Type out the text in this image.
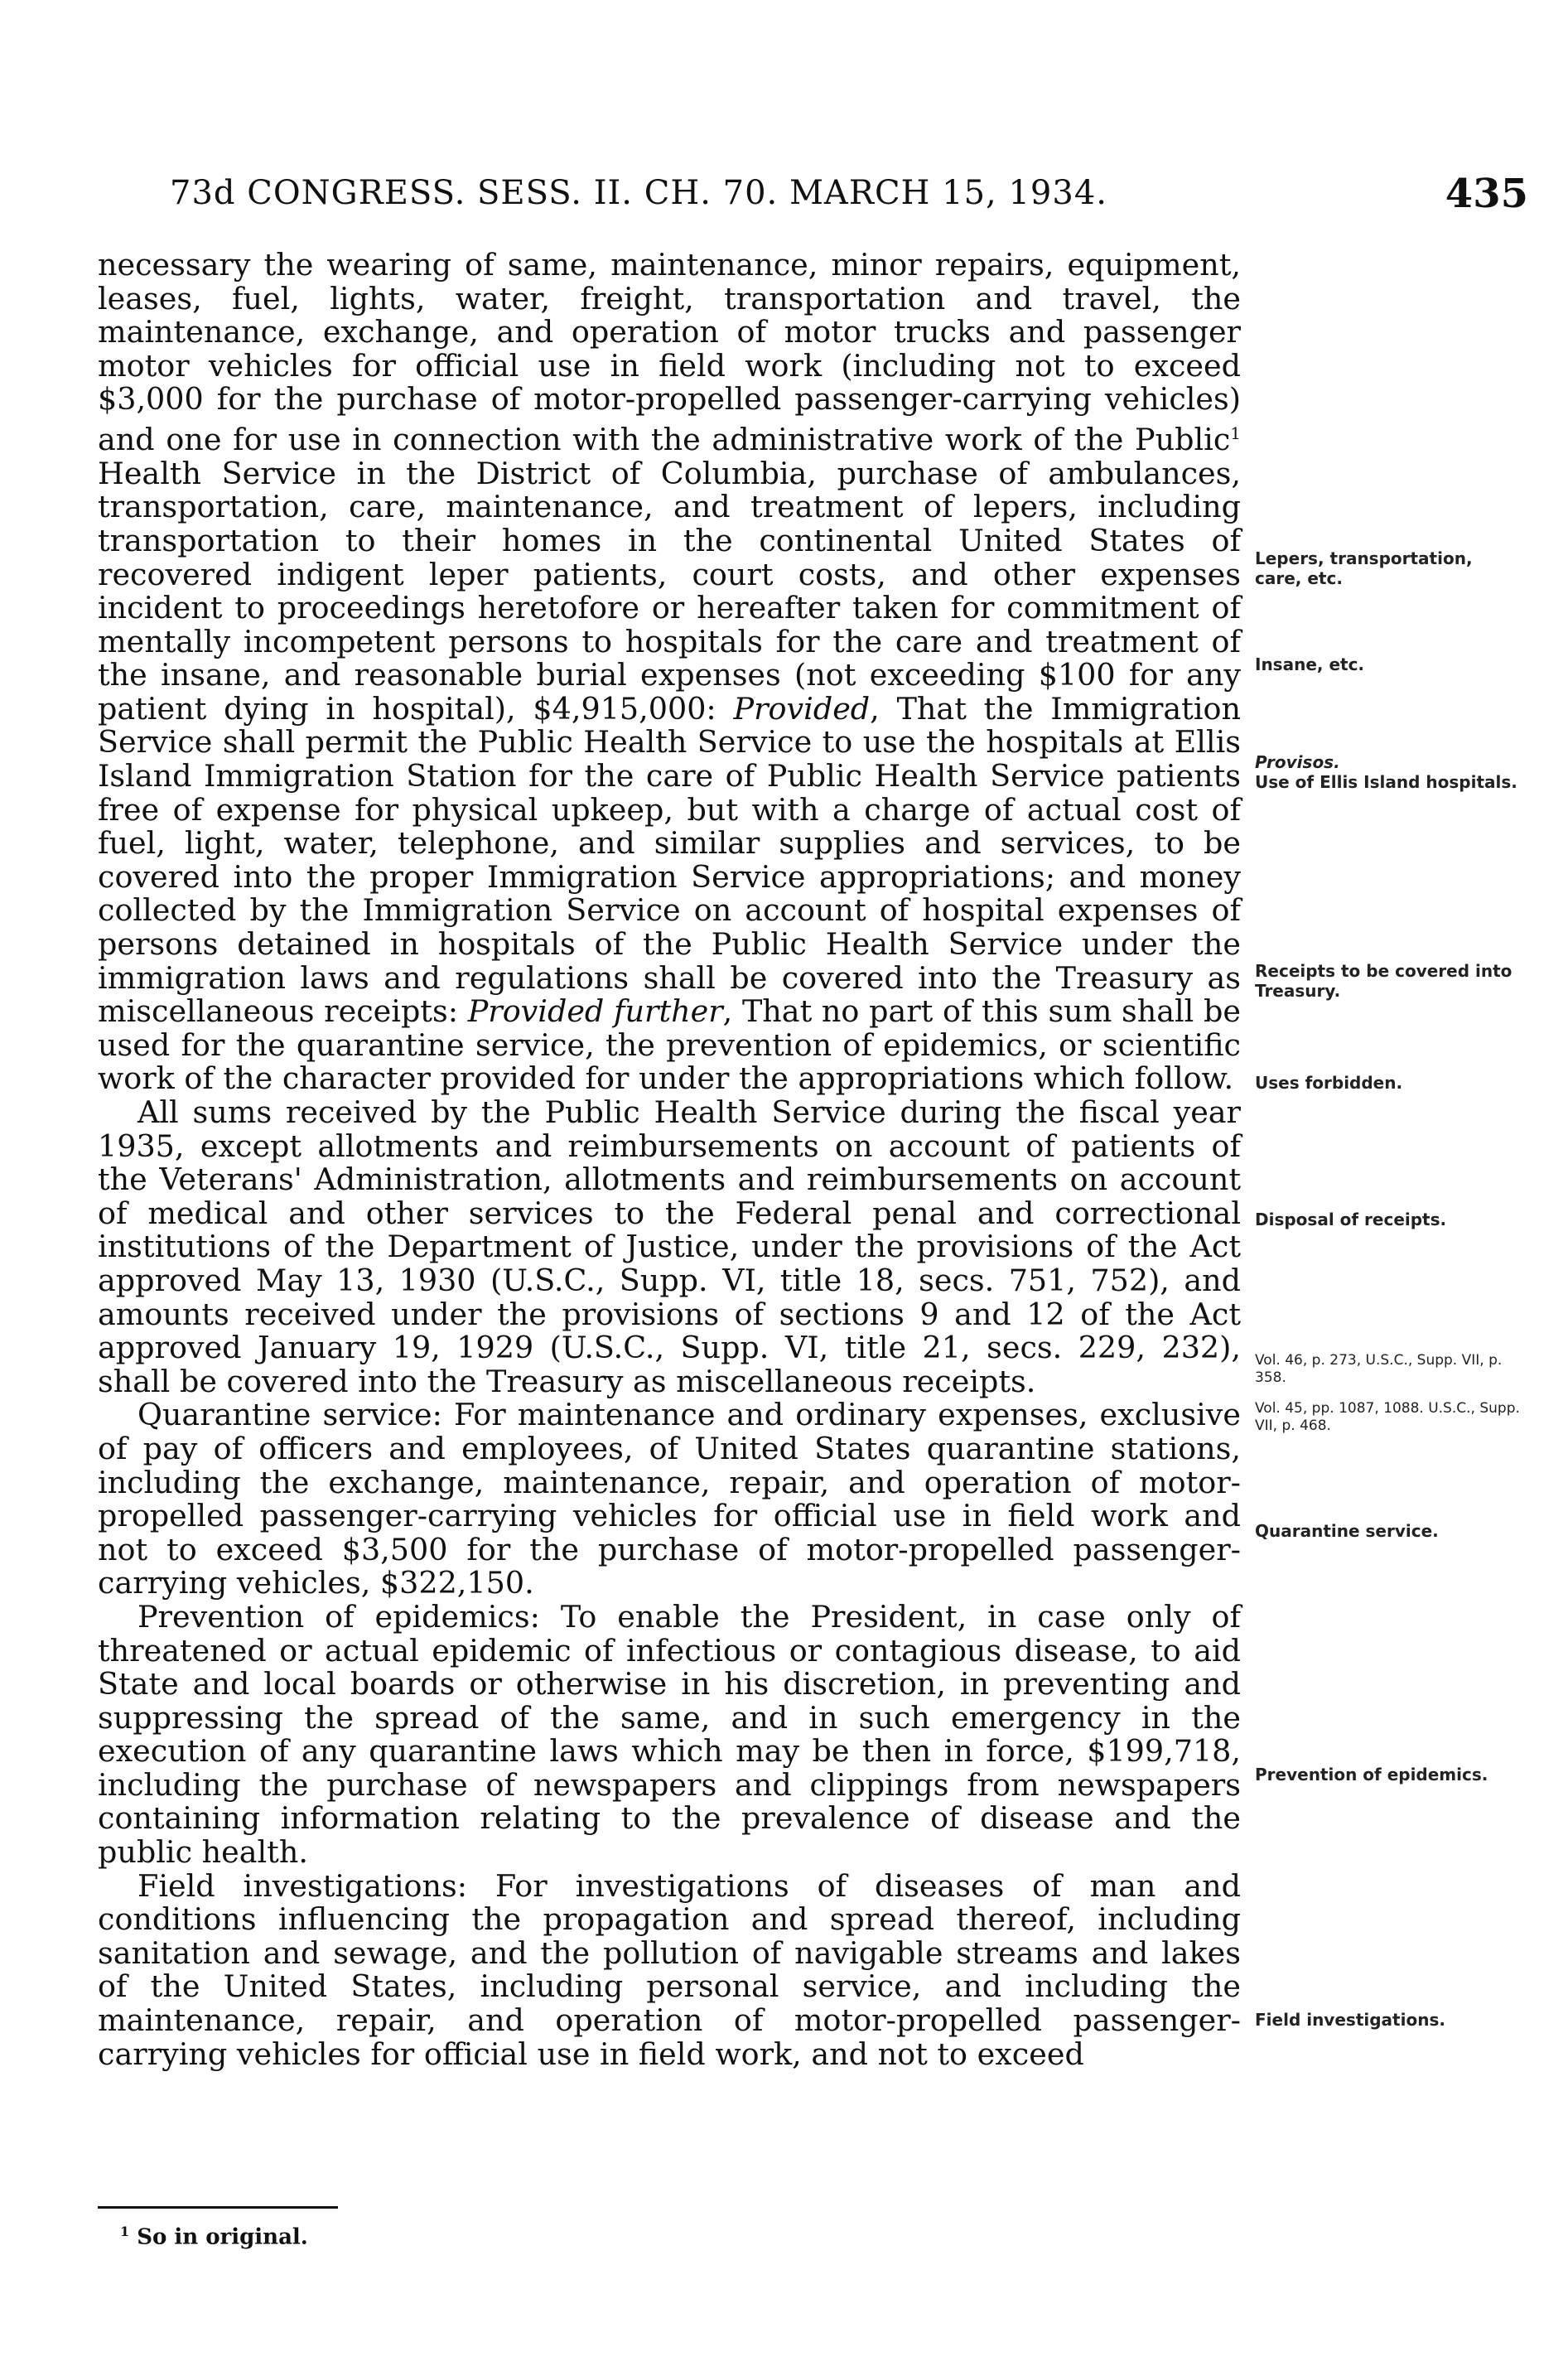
73d CONGRESS. SESS. II. CH. 70. MARCH 15, 1934.	435

necessary the wearing of same, maintenance, minor repairs, equipment, leases, fuel, lights, water, freight, transportation and travel, the maintenance, exchange, and operation of motor trucks and passenger motor vehicles for official use in field work (including not to exceed $3,000 for the purchase of motor-propelled passenger-carrying vehicles) and one for use in connection with the administrative work of the Public$^1$ Health Service in the District of Columbia, purchase of ambulances, transportation, care, maintenance, and treatment of lepers, including transportation to their homes in the continental United States of recovered indigent leper patients, court costs, and other expenses incident to proceedings heretofore or hereafter taken for commitment of mentally incompetent persons to hospitals for the care and treatment of the insane, and reasonable burial expenses (not exceeding $100 for any patient dying in hospital), $4,915,000: Provided, That the Immigration Service shall permit the Public Health Service to use the hospitals at Ellis Island Immigration Station for the care of Public Health Service patients free of expense for physical upkeep, but with a charge of actual cost of fuel, light, water, telephone, and similar supplies and services, to be covered into the proper Immigration Service appropriations; and money collected by the Immigration Service on account of hospital expenses of persons detained in hospitals of the Public Health Service under the immigration laws and regulations shall be covered into the Treasury as miscellaneous receipts: Provided further, That no part of this sum shall be used for the quarantine service, the prevention of epidemics, or scientific work of the character provided for under the appropriations which follow.

All sums received by the Public Health Service during the fiscal year 1935, except allotments and reimbursements on account of patients of the Veterans' Administration, allotments and reimbursements on account of medical and other services to the Federal penal and correctional institutions of the Department of Justice, under the provisions of the Act approved May 13, 1930 (U.S.C., Supp. VI, title 18, secs. 751, 752), and amounts received under the provisions of sections 9 and 12 of the Act approved January 19, 1929 (U.S.C., Supp. VI, title 21, secs. 229, 232), shall be covered into the Treasury as miscellaneous receipts.

Quarantine service: For maintenance and ordinary expenses, exclusive of pay of officers and employees, of United States quarantine stations, including the exchange, maintenance, repair, and operation of motor-propelled passenger-carrying vehicles for official use in field work and not to exceed $3,500 for the purchase of motor-propelled passenger-carrying vehicles, $322,150.

Prevention of epidemics: To enable the President, in case only of threatened or actual epidemic of infectious or contagious disease, to aid State and local boards or otherwise in his discretion, in preventing and suppressing the spread of the same, and in such emergency in the execution of any quarantine laws which may be then in force, $199,718, including the purchase of newspapers and clippings from newspapers containing information relating to the prevalence of disease and the public health.

Field investigations: For investigations of diseases of man and conditions influencing the propagation and spread thereof, including sanitation and sewage, and the pollution of navigable streams and lakes of the United States, including personal service, and including the maintenance, repair, and operation of motor-propelled passenger-carrying vehicles for official use in field work, and not to exceed

Lepers, transportation, care, etc.
Insane, etc.
Provisos.
Use of Ellis Island hospitals.
Receipts to be covered into Treasury.
Uses forbidden.
Disposal of receipts.
Vol. 46, p. 273, U.S.C., Supp. VII, p. 358.
Vol. 45, pp. 1087, 1088. U.S.C., Supp. VII, p. 468.
Quarantine service.
Prevention of epidemics.
Field investigations.
$^1$ So in original.
